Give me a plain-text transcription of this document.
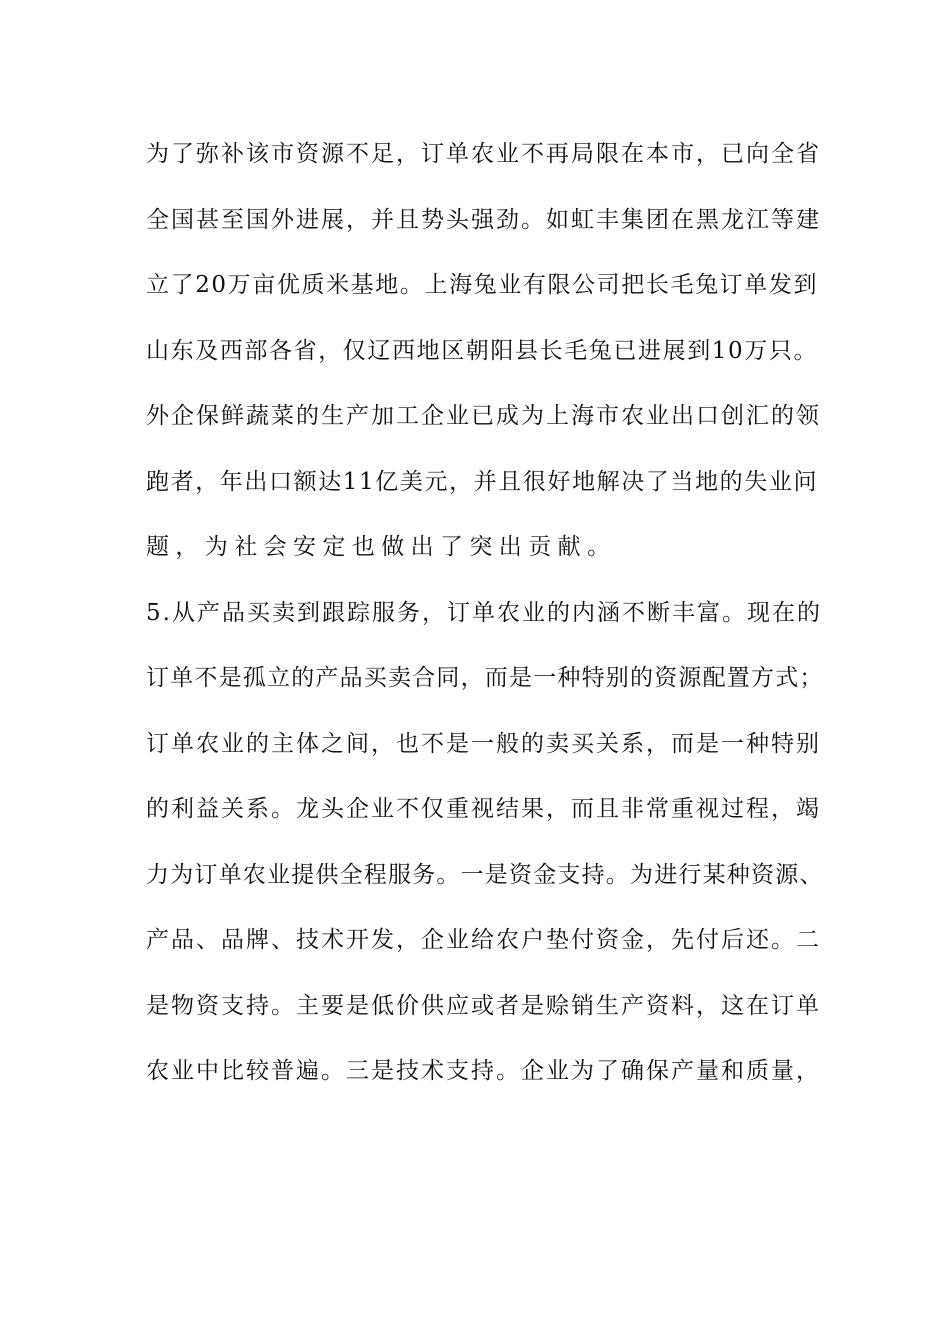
为了弥补该市资源不足，订单农业不再局限在本市，已向全省
全国甚至国外进展，并且势头强劲。如虹丰集团在黑龙江等建
立了20万亩优质米基地。上海兔业有限公司把长毛兔订单发到
山东及西部各省，仅辽西地区朝阳县长毛兔已进展到10万只。
外企保鲜蔬菜的生产加工企业已成为上海市农业出口创汇的领
跑者，年出口额达11亿美元，并且很好地解决了当地的失业问
题，为社会安定也做出了突出贡献。
5.从产品买卖到跟踪服务，订单农业的内涵不断丰富。现在的
订单不是孤立的产品买卖合同，而是一种特别的资源配置方式；
订单农业的主体之间，也不是一般的卖买关系，而是一种特别
的利益关系。龙头企业不仅重视结果，而且非常重视过程，竭
力为订单农业提供全程服务。一是资金支持。为进行某种资源、
产品、品牌、技术开发，企业给农户垫付资金，先付后还。二
是物资支持。主要是低价供应或者是赊销生产资料，这在订单
农业中比较普遍。三是技术支持。企业为了确保产量和质量，
